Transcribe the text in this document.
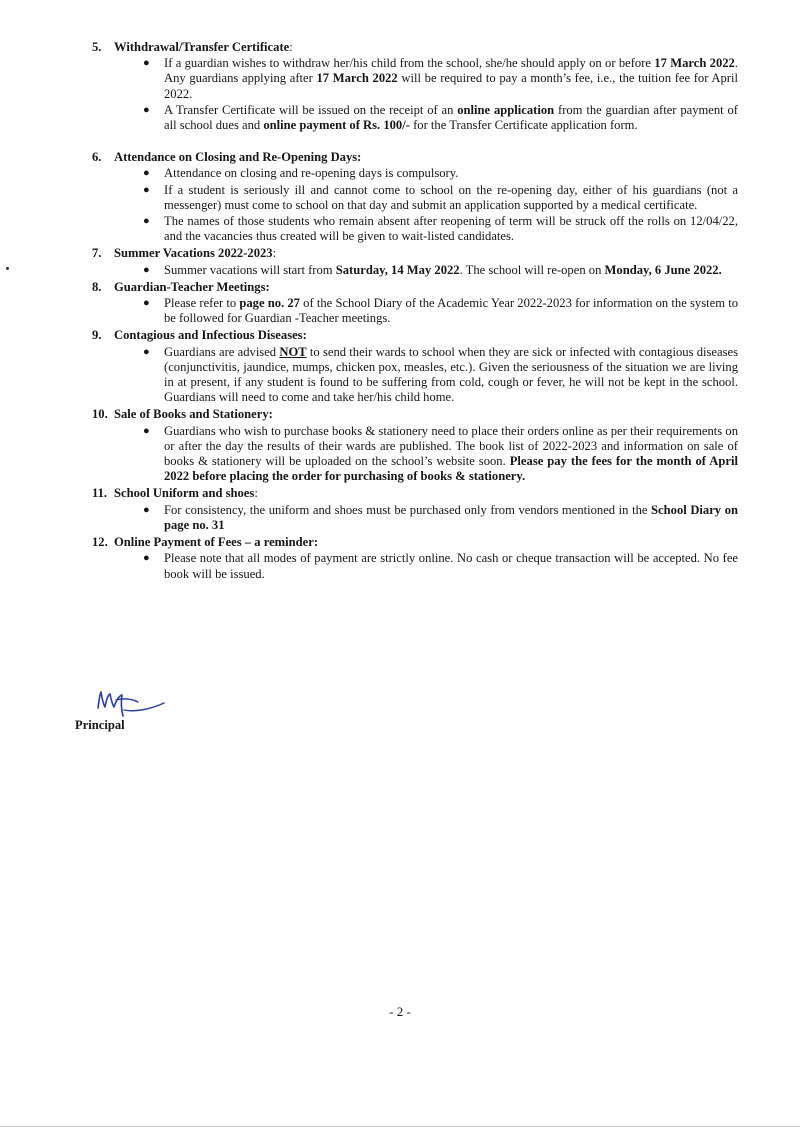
5. Withdrawal/Transfer Certificate:

● If a guardian wishes to withdraw her/his child from the school, she/he should apply on or before 17 March 2022. Any guardians applying after 17 March 2022 will be required to pay a month’s fee, i.e., the tuition fee for April 2022.
● A Transfer Certificate will be issued on the receipt of an online application from the guardian after payment of all school dues and online payment of Rs. 100/- for the Transfer Certificate application form.

6. Attendance on Closing and Re-Opening Days:

● Attendance on closing and re-opening days is compulsory.
● If a student is seriously ill and cannot come to school on the re-opening day, either of his guardians (not a messenger) must come to school on that day and submit an application supported by a medical certificate.
● The names of those students who remain absent after reopening of term will be struck off the rolls on 12/04/22, and the vacancies thus created will be given to wait-listed candidates.

7. Summer Vacations 2022-2023:

● Summer vacations will start from Saturday, 14 May 2022. The school will re-open on Monday, 6 June 2022.

8. Guardian-Teacher Meetings:

● Please refer to page no. 27 of the School Diary of the Academic Year 2022-2023 for information on the system to be followed for Guardian -Teacher meetings.

9. Contagious and Infectious Diseases:

● Guardians are advised NOT to send their wards to school when they are sick or infected with contagious diseases (conjunctivitis, jaundice, mumps, chicken pox, measles, etc.). Given the seriousness of the situation we are living in at present, if any student is found to be suffering from cold, cough or fever, he will not be kept in the school. Guardians will need to come and take her/his child home.

10. Sale of Books and Stationery:

● Guardians who wish to purchase books & stationery need to place their orders online as per their requirements on or after the day the results of their wards are published. The book list of 2022-2023 and information on sale of books & stationery will be uploaded on the school’s website soon. Please pay the fees for the month of April 2022 before placing the order for purchasing of books & stationery.

11. School Uniform and shoes:

● For consistency, the uniform and shoes must be purchased only from vendors mentioned in the School Diary on page no. 31

12. Online Payment of Fees – a reminder:

● Please note that all modes of payment are strictly online. No cash or cheque transaction will be accepted. No fee book will be issued.
Principal
- 2 -
